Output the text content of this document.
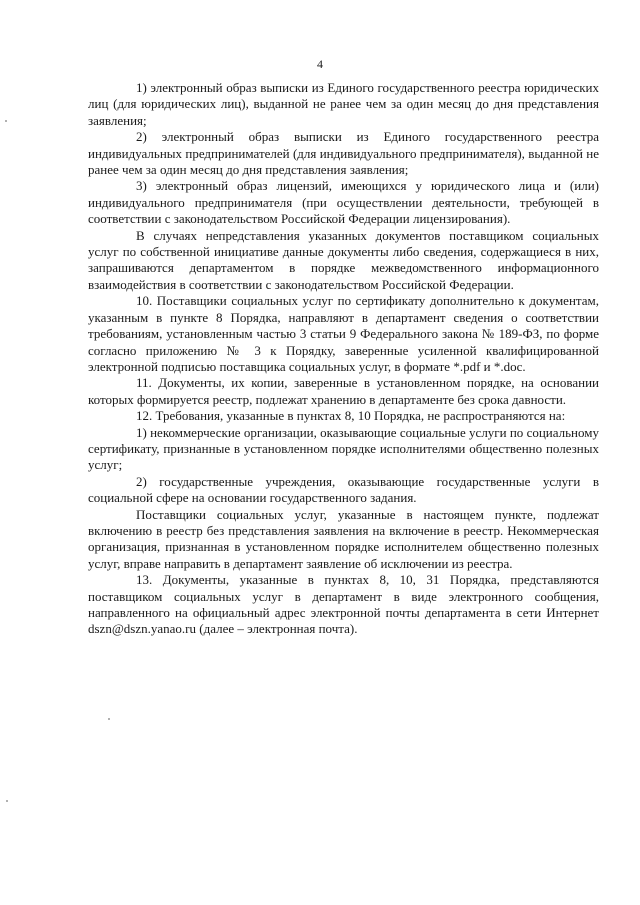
4

1) электронный образ выписки из Единого государственного реестра юридических лиц (для юридических лиц), выданной не ранее чем за один месяц до дня представления заявления;

2) электронный образ выписки из Единого государственного реестра индивидуальных предпринимателей (для индивидуального предпринимателя), выданной не ранее чем за один месяц до дня представления заявления;

3) электронный образ лицензий, имеющихся у юридического лица и (или) индивидуального предпринимателя (при осуществлении деятельности, требующей в соответствии с законодательством Российской Федерации лицензирования).

В случаях непредставления указанных документов поставщиком социальных услуг по собственной инициативе данные документы либо сведения, содержащиеся в них, запрашиваются департаментом в порядке межведомственного информационного взаимодействия в соответствии с законодательством Российской Федерации.

10. Поставщики социальных услуг по сертификату дополнительно к документам, указанным в пункте 8 Порядка, направляют в департамент сведения о соответствии требованиям, установленным частью 3 статьи 9 Федерального закона № 189-ФЗ, по форме согласно приложению № 3 к Порядку, заверенные усиленной квалифицированной электронной подписью поставщика социальных услуг, в формате *.pdf и *.doc.

11. Документы, их копии, заверенные в установленном порядке, на основании которых формируется реестр, подлежат хранению в департаменте без срока давности.

12. Требования, указанные в пунктах 8, 10 Порядка, не распространяются на:

1) некоммерческие организации, оказывающие социальные услуги по социальному сертификату, признанные в установленном порядке исполнителями общественно полезных услуг;

2) государственные учреждения, оказывающие государственные услуги в социальной сфере на основании государственного задания.

Поставщики социальных услуг, указанные в настоящем пункте, подлежат включению в реестр без представления заявления на включение в реестр. Некоммерческая организация, признанная в установленном порядке исполнителем общественно полезных услуг, вправе направить в департамент заявление об исключении из реестра.

13. Документы, указанные в пунктах 8, 10, 31 Порядка, представляются поставщиком социальных услуг в департамент в виде электронного сообщения, направленного на официальный адрес электронной почты департамента в сети Интернет dszn@dszn.yanao.ru (далее – электронная почта).
